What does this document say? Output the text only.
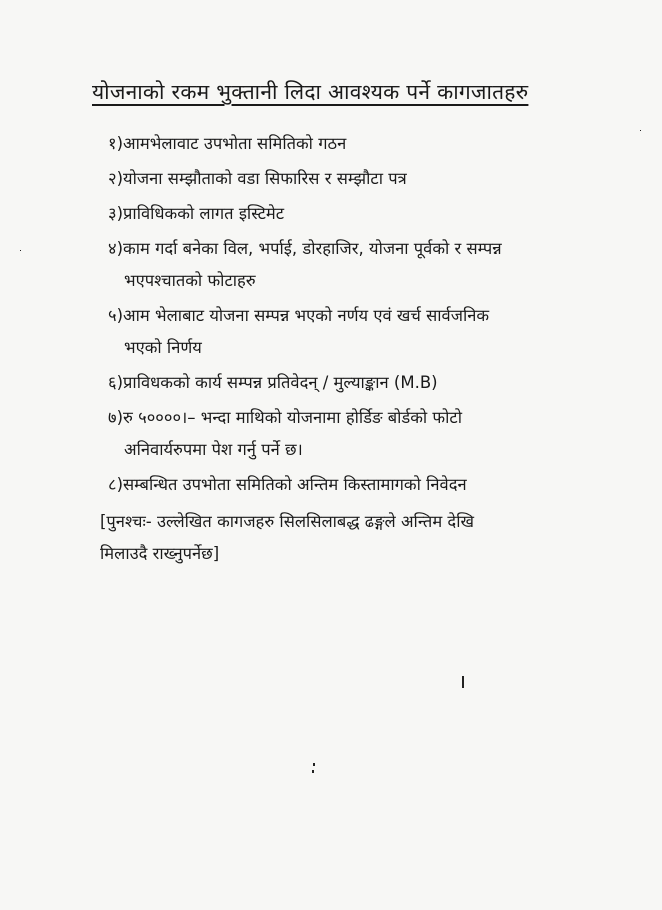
योजनाको रकम भुक्तानी लिदा आवश्यक पर्ने कागजातहरु
१)आमभेलावाट उपभोता समितिको गठन
२)योजना सम्झौताको वडा सिफारिस र सम्झौटा पत्र
३)प्राविधिकको लागत इस्टिमेट
४)काम गर्दा बनेका विल, भर्पाई, डोरहाजिर, योजना पूर्वको र सम्पन्न
भएपश्चातको फोटाहरु
५)आम भेलाबाट योजना सम्पन्न भएको नर्णय एवं खर्च सार्वजनिक
भएको निर्णय
६)प्राविधकको कार्य सम्पन्न प्रतिवेदन् / मुल्याङ्कान (M.B)
७)रु ५००००।– भन्दा माथिको योजनामा होर्डिङ बोर्डको फोटो
अनिवार्यरुपमा पेश गर्नु पर्ने छ।
८)सम्बन्धित उपभोता समितिको अन्तिम किस्तामागको निवेदन
[पुनश्चः- उल्लेखित कागजहरु सिलसिलाबद्ध ढङ्गले अन्तिम देखि
मिलाउदै राख्नुपर्नेछ]
